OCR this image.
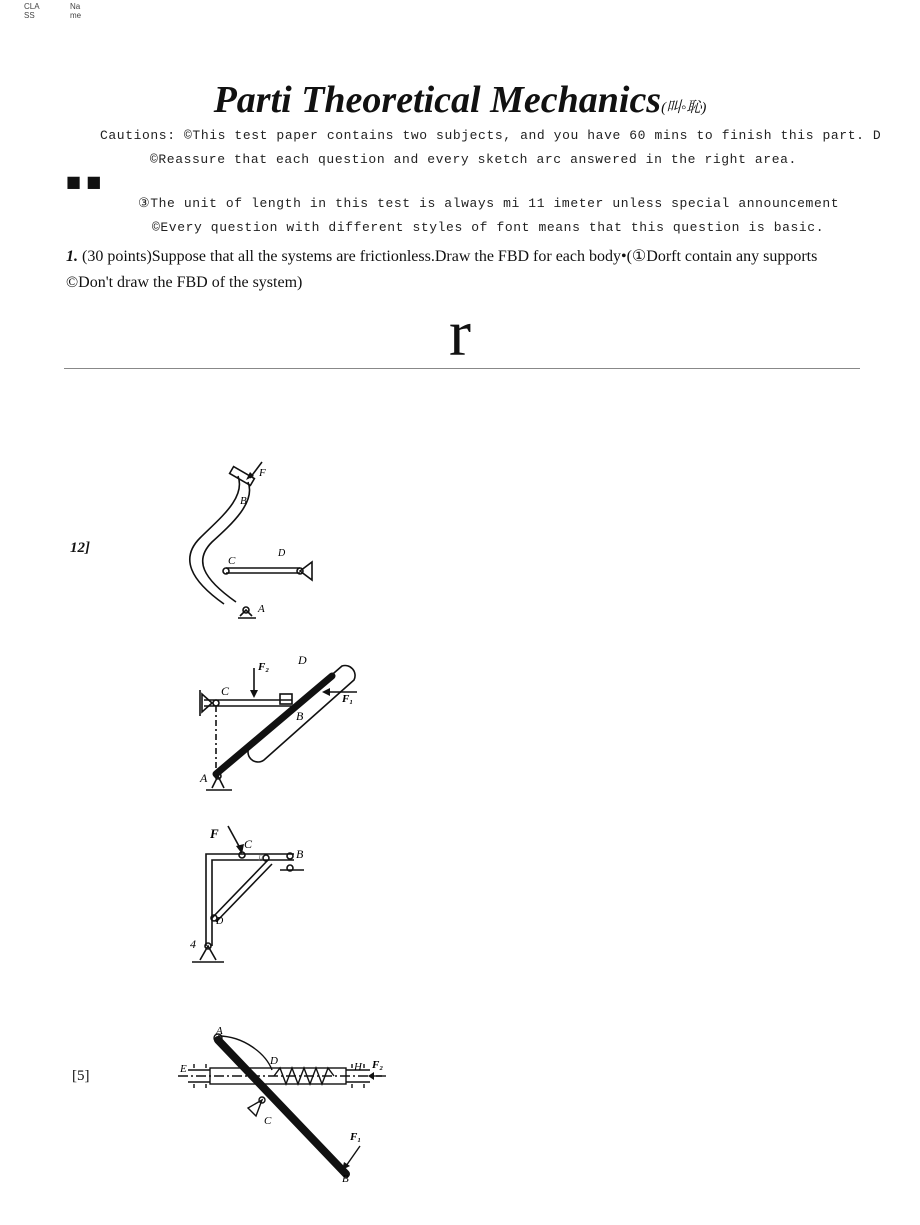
CLA SS
Na me
Parti Theoretical Mechanics(叫◦恥)
Cautions: ©This test paper contains two subjects, and you have 60 mins to finish this part. D
©Reassure that each question and every sketch arc answered in the right area.
■ ■
③The unit of length in this test is always mi 11 imeter unless special announcement
©Every question with different styles of font means that this question is basic.
1. (30 points)Suppose that all the systems are frictionless.Draw the FBD for each body•(①Dorft contain any supports ©Don't draw the FBD of the system)
r
12]
[5]
F
B
C
D
A
F₂ D
C
F₁
B
A
F
C
E	B
D
4
A
E
D	H F₂
C
F₁
B
